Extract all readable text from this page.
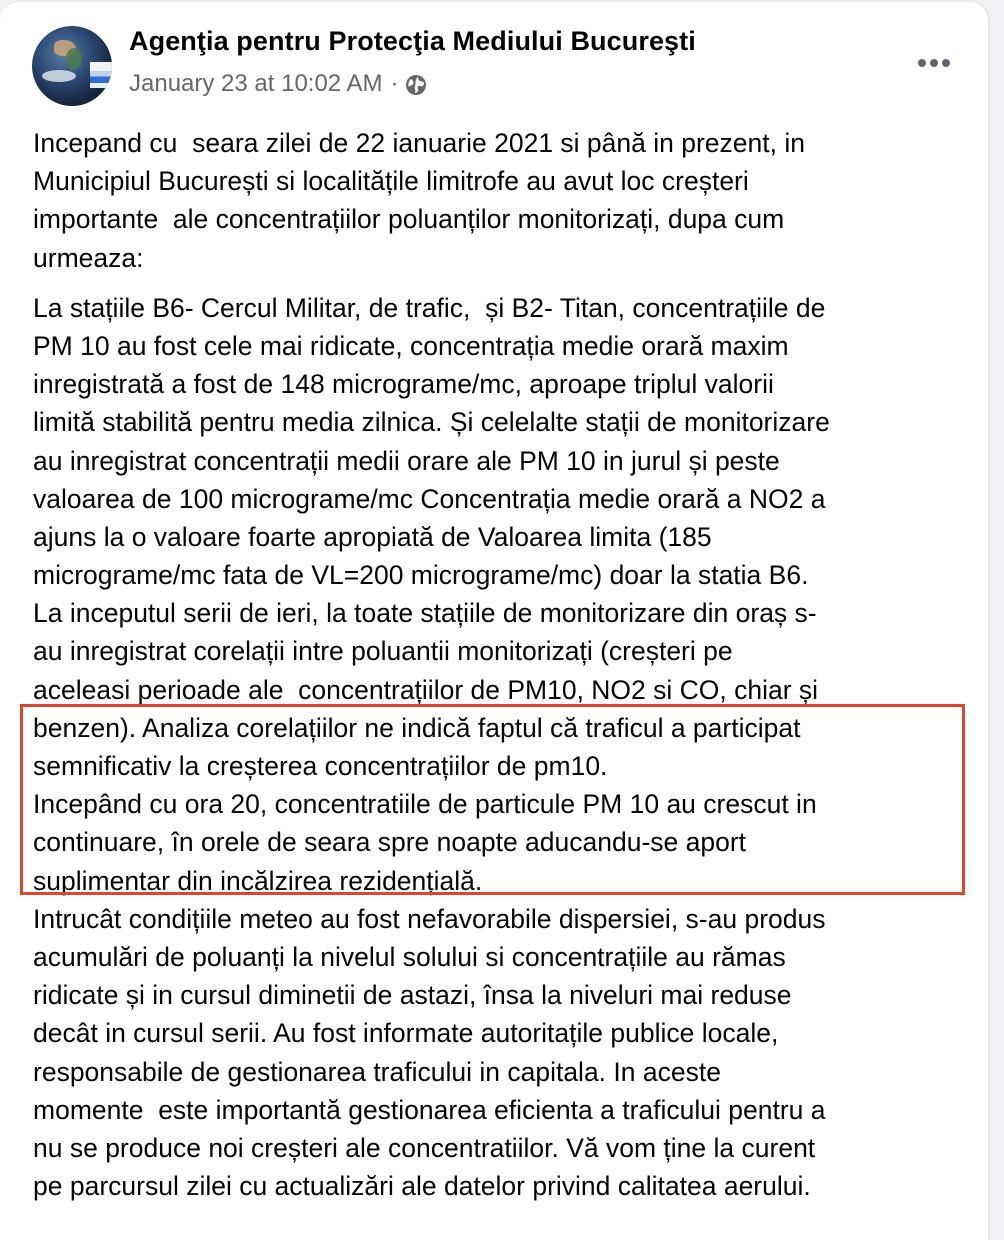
Agenţia pentru Protecţia Mediului Bucureşti
January 23 at 10:02 AM ·
Incepand cu  seara zilei de 22 ianuarie 2021 si până in prezent, in
Municipiul București si localitățile limitrofe au avut loc creșteri
importante  ale concentrațiilor poluanților monitorizați, dupa cum
urmeaza:
La stațiile B6- Cercul Militar, de trafic,  și B2- Titan, concentrațiile de
PM 10 au fost cele mai ridicate, concentrația medie orară maxim
inregistrată a fost de 148 micrograme/mc, aproape triplul valorii
limită stabilită pentru media zilnica. Și celelalte stații de monitorizare
au inregistrat concentrații medii orare ale PM 10 in jurul și peste
valoarea de 100 micrograme/mc Concentrația medie orară a NO2 a
ajuns la o valoare foarte apropiată de Valoarea limita (185
micrograme/mc fata de VL=200 micrograme/mc) doar la statia B6.
La inceputul serii de ieri, la toate stațiile de monitorizare din oraș s-
au inregistrat corelații intre poluantii monitorizați (creșteri pe
aceleasi perioade ale  concentrațiilor de PM10, NO2 si CO, chiar și
benzen). Analiza corelațiilor ne indică faptul că traficul a participat
semnificativ la creșterea concentrațiilor de pm10.
Incepând cu ora 20, concentratiile de particule PM 10 au crescut in
continuare, în orele de seara spre noapte aducandu-se aport
suplimentar din incălzirea rezidențială.
Intrucât condițiile meteo au fost nefavorabile dispersiei, s-au produs
acumulări de poluanți la nivelul solului si concentrațiile au rămas
ridicate și in cursul diminetii de astazi, însa la niveluri mai reduse
decât in cursul serii. Au fost informate autoritațile publice locale,
responsabile de gestionarea traficului in capitala. In aceste
momente  este importantă gestionarea eficienta a traficului pentru a
nu se produce noi creșteri ale concentratiilor. Vă vom ține la curent
pe parcursul zilei cu actualizări ale datelor privind calitatea aerului.
